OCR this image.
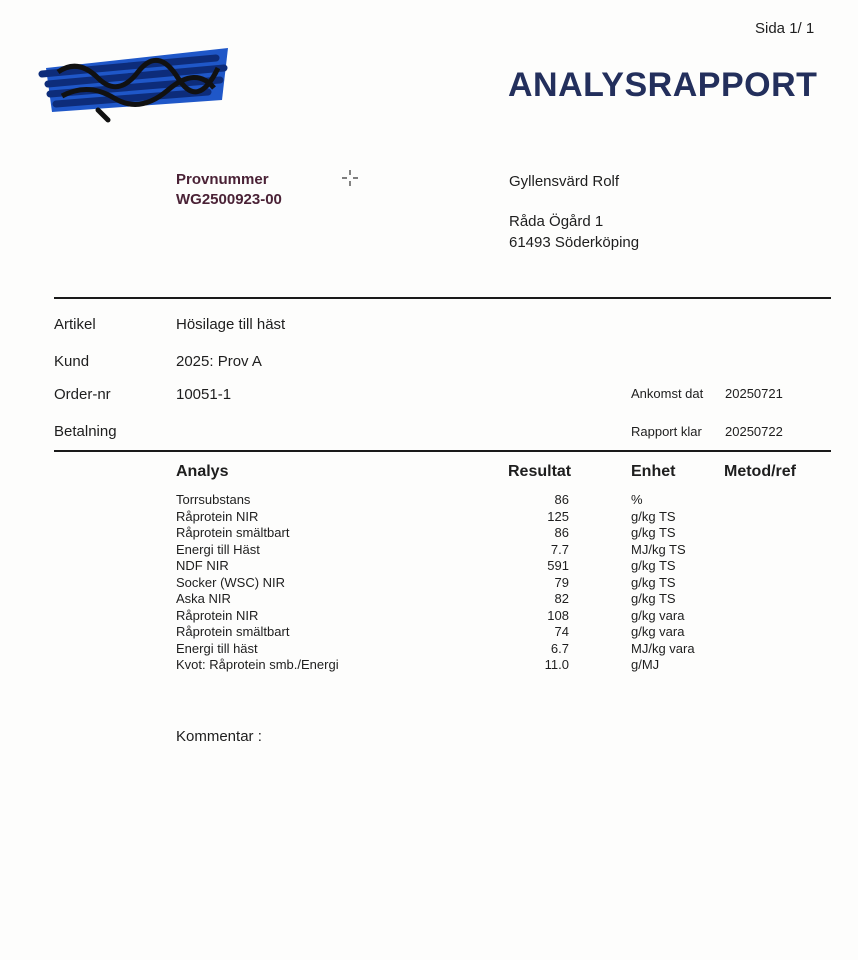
Sida 1/ 1
ANALYSRAPPORT
Provnummer
WG2500923-00
Gyllensvärd Rolf
Råda Ögård 1
61493 Söderköping
Artikel	Hösilage till häst
Kund	2025: Prov A
Order-nr	10051-1	Ankomst dat 20250721
Betalning	Rapport klar 20250722
Analys	Resultat	Enhet	Metod/ref
Torrsubstans	86	%
Råprotein NIR	125	g/kg TS
Råprotein smältbart	86	g/kg TS
Energi till Häst	7.7	MJ/kg TS
NDF NIR	591	g/kg TS
Socker (WSC) NIR	79	g/kg TS
Aska NIR	82	g/kg TS
Råprotein NIR	108	g/kg vara
Råprotein smältbart	74	g/kg vara
Energi till häst	6.7	MJ/kg vara
Kvot: Råprotein smb./Energi	11.0	g/MJ
Kommentar :
